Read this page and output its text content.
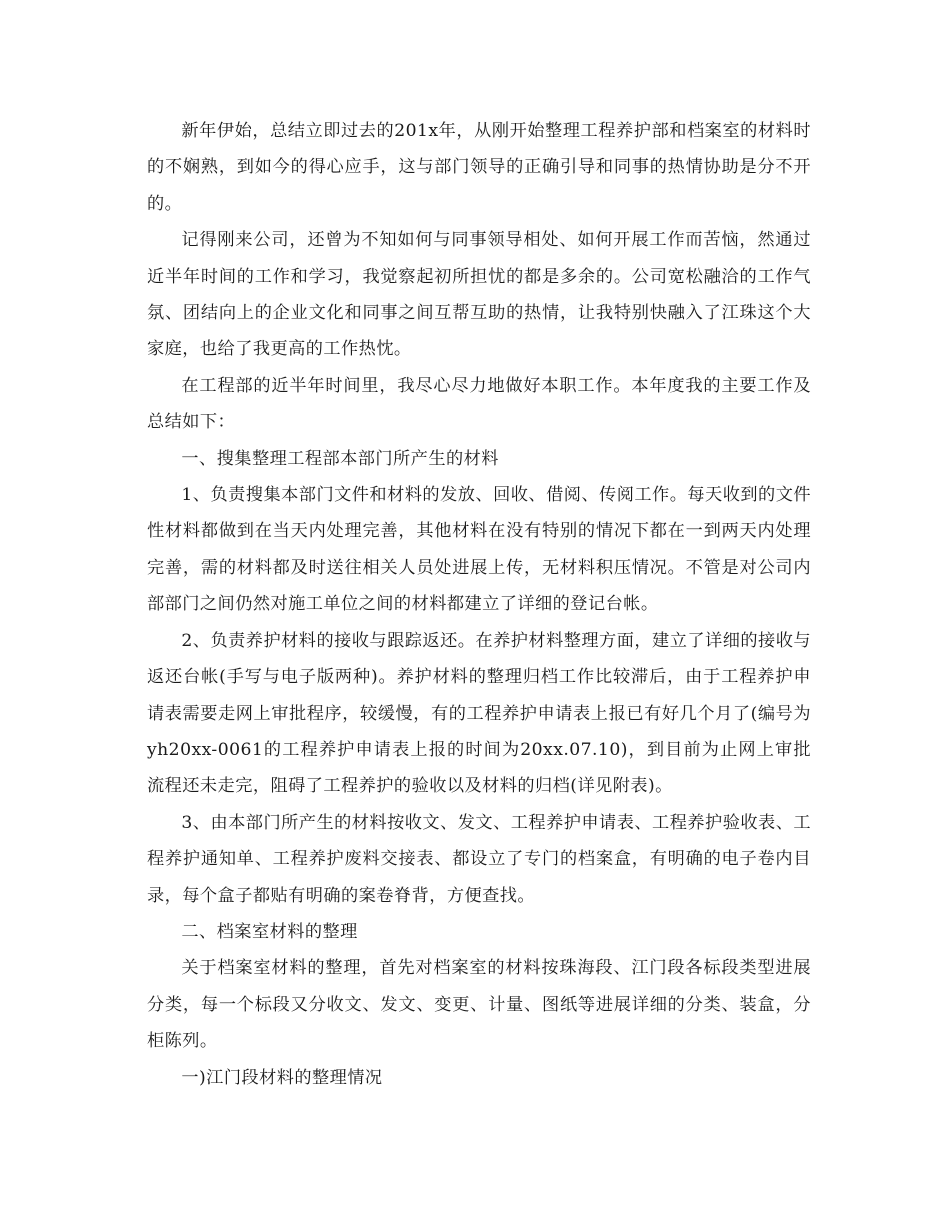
新年伊始，总结立即过去的201x年，从刚开始整理工程养护部和档案室的材料时的不娴熟，到如今的得心应手，这与部门领导的正确引导和同事的热情协助是分不开的。

记得刚来公司，还曾为不知如何与同事领导相处、如何开展工作而苦恼，然通过近半年时间的工作和学习，我觉察起初所担忧的都是多余的。公司宽松融洽的工作气氛、团结向上的企业文化和同事之间互帮互助的热情，让我特别快融入了江珠这个大家庭，也给了我更高的工作热忱。

在工程部的近半年时间里，我尽心尽力地做好本职工作。本年度我的主要工作及总结如下：

一、搜集整理工程部本部门所产生的材料

1、负责搜集本部门文件和材料的发放、回收、借阅、传阅工作。每天收到的文件性材料都做到在当天内处理完善，其他材料在没有特别的情况下都在一到两天内处理完善，需的材料都及时送往相关人员处进展上传，无材料积压情况。不管是对公司内部部门之间仍然对施工单位之间的材料都建立了详细的登记台帐。

2、负责养护材料的接收与跟踪返还。在养护材料整理方面，建立了详细的接收与返还台帐(手写与电子版两种)。养护材料的整理归档工作比较滞后，由于工程养护申请表需要走网上审批程序，较缓慢，有的工程养护申请表上报已有好几个月了(编号为yh20xx-0061的工程养护申请表上报的时间为20xx.07.10)，到目前为止网上审批流程还未走完，阻碍了工程养护的验收以及材料的归档(详见附表)。

3、由本部门所产生的材料按收文、发文、工程养护申请表、工程养护验收表、工程养护通知单、工程养护废料交接表、都设立了专门的档案盒，有明确的电子卷内目录，每个盒子都贴有明确的案卷脊背，方便查找。

二、档案室材料的整理

关于档案室材料的整理，首先对档案室的材料按珠海段、江门段各标段类型进展分类，每一个标段又分收文、发文、变更、计量、图纸等进展详细的分类、装盒，分柜陈列。

一)江门段材料的整理情况
